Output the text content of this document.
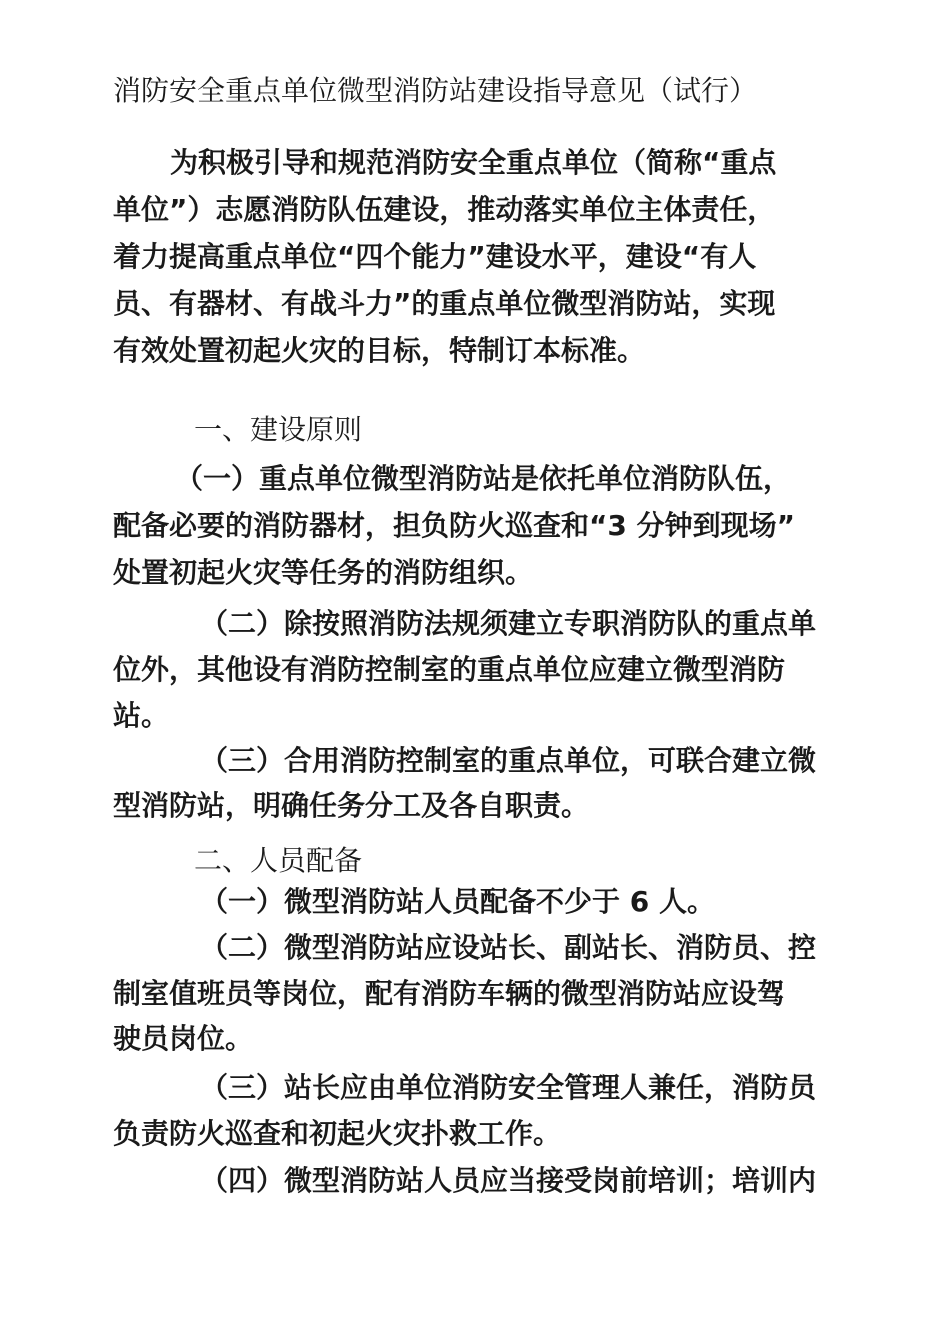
消防安全重点单位微型消防站建设指导意见（试行）
为积极引导和规范消防安全重点单位（简称“重点
单位”）志愿消防队伍建设，推动落实单位主体责任，
着力提高重点单位“四个能力”建设水平，建设“有人
员、有器材、有战斗力”的重点单位微型消防站，实现
有效处置初起火灾的目标，特制订本标准。
一、建设原则
（一）重点单位微型消防站是依托单位消防队伍，
配备必要的消防器材，担负防火巡查和“3 分钟到现场”
处置初起火灾等任务的消防组织。
（二）除按照消防法规须建立专职消防队的重点单
位外，其他设有消防控制室的重点单位应建立微型消防
站。
（三）合用消防控制室的重点单位，可联合建立微
型消防站，明确任务分工及各自职责。
二、人员配备
（一）微型消防站人员配备不少于 6 人。
（二）微型消防站应设站长、副站长、消防员、控
制室值班员等岗位，配有消防车辆的微型消防站应设驾
驶员岗位。
（三）站长应由单位消防安全管理人兼任，消防员
负责防火巡查和初起火灾扑救工作。
（四）微型消防站人员应当接受岗前培训；培训内
